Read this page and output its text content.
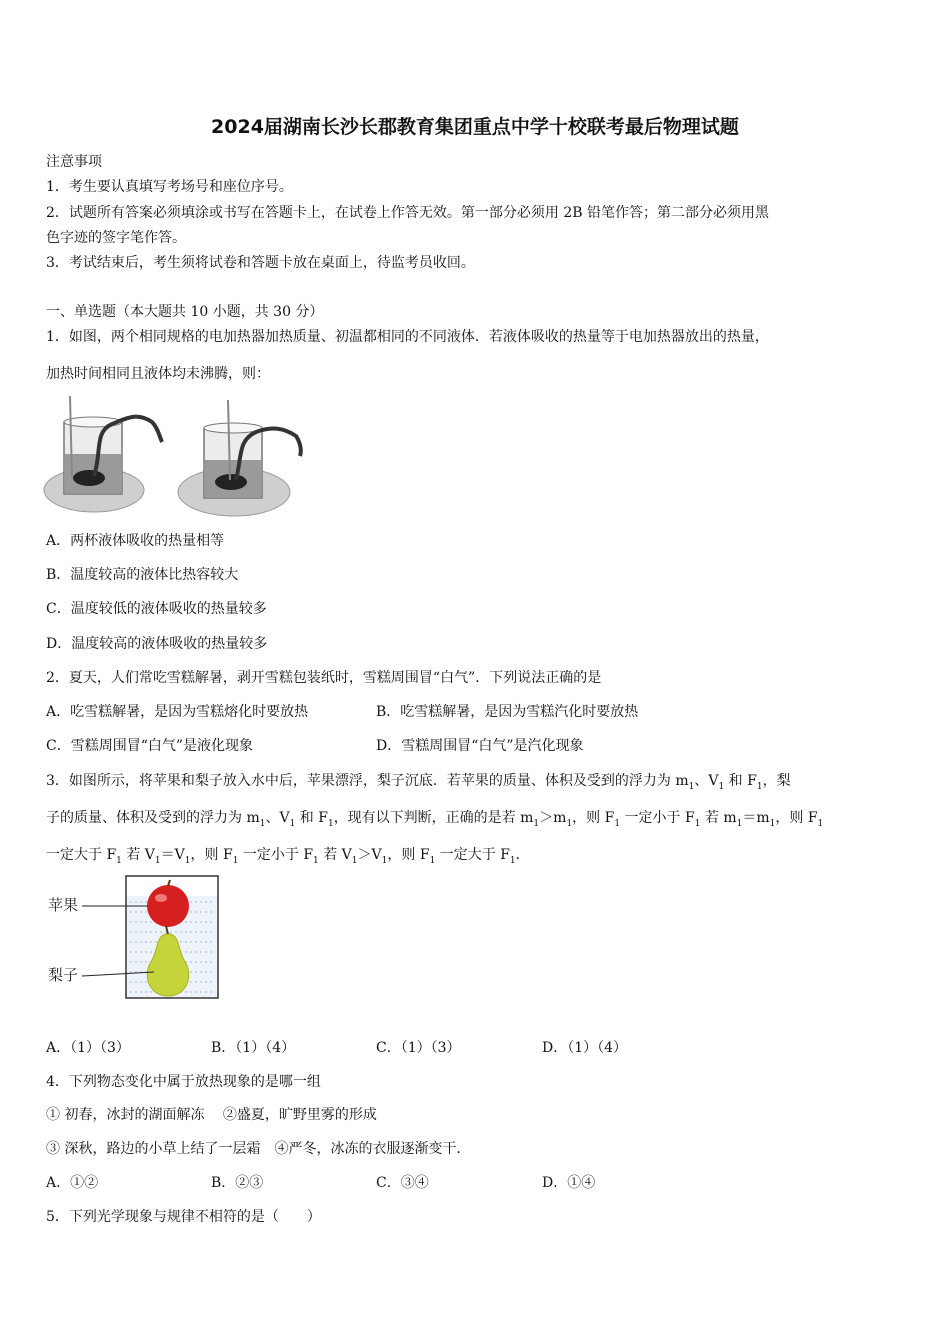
2024届湖南长沙长郡教育集团重点中学十校联考最后物理试题
注意事项
1．考生要认真填写考场号和座位序号。
2．试题所有答案必须填涂或书写在答题卡上，在试卷上作答无效。第一部分必须用 2B 铅笔作答；第二部分必须用黑
色字迹的签字笔作答。
3．考试结束后，考生须将试卷和答题卡放在桌面上，待监考员收回。
一、单选题（本大题共 10 小题，共 30 分）
1．如图，两个相同规格的电加热器加热质量、初温都相同的不同液体．若液体吸收的热量等于电加热器放出的热量，
加热时间相同且液体均未沸腾，则：
A．两杯液体吸收的热量相等
B．温度较高的液体比热容较大
C．温度较低的液体吸收的热量较多
D．温度较高的液体吸收的热量较多
2．夏天，人们常吃雪糕解暑，剥开雪糕包装纸时，雪糕周围冒“白气”．下列说法正确的是
A．吃雪糕解暑，是因为雪糕熔化时要放热	B．吃雪糕解暑，是因为雪糕汽化时要放热
C．雪糕周围冒“白气”是液化现象	D．雪糕周围冒“白气”是汽化现象
3．如图所示，将苹果和梨子放入水中后，苹果漂浮，梨子沉底．若苹果的质量、体积及受到的浮力为 $m_1$、$V_1$ 和 $F_1$，梨
子的质量、体积及受到的浮力为 $m_1$、$V_1$ 和 $F_1$，现有以下判断，正确的是若 $m_1>m_1$，则 $F_1$ 一定小于 $F_1$ 若 $m_1=m_1$，则 $F_1$
一定大于 $F_1$ 若 $V_1=V_1$，则 $F_1$ 一定小于 $F_1$ 若 $V_1>V_1$，则 $F_1$ 一定大于 $F_1$．
苹果
梨子
A．（1）（3）	B．（1）（4）	C．（1）（3）	D．（1）（4）
4．下列物态变化中属于放热现象的是哪一组
① 初春，冰封的湖面解冻　 ②盛夏，旷野里雾的形成
③ 深秋，路边的小草上结了一层霜　④严冬，冰冻的衣服逐渐变干．
A．①②	B．②③	C．③④	D．①④
5．下列光学现象与规律不相符的是（　　）
